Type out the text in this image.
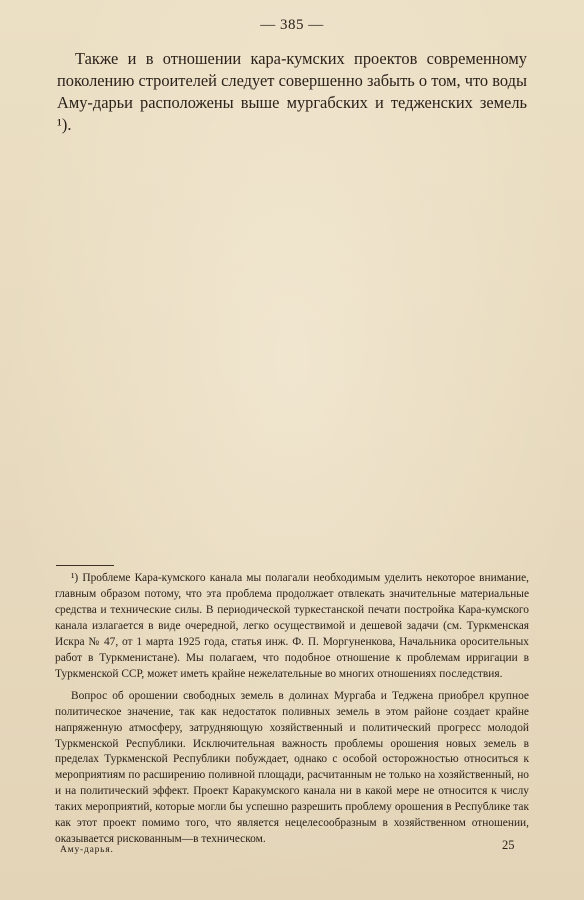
— 385 —

Также и в отношении кара-кумских проектов современному поколению строителей следует совершенно забыть о том, что воды Аму-дарьи расположены выше мургабских и тедженских земель ¹).

¹) Проблеме Кара-кумского канала мы полагали необходимым уделить некоторое внимание, главным образом потому, что эта проблема продолжает отвлекать значительные материальные средства и технические силы. В периодической туркестанской печати постройка Кара-кумского канала излагается в виде очередной, легко осуществимой и дешевой задачи (см. Туркменская Искра № 47, от 1 марта 1925 года, статья инж. Ф. П. Моргуненкова, Начальника оросительных работ в Туркменистане). Мы полагаем, что подобное отношение к проблемам ирригации в Туркменской ССР, может иметь крайне нежелательные во многих отношениях последствия.

Вопрос об орошении свободных земель в долинах Мургаба и Теджена приобрел крупное политическое значение, так как недостаток поливных земель в этом районе создает крайне напряженную атмосферу, затрудняющую хозяйственный и политический прогресс молодой Туркменской Республики. Исключительная важность проблемы орошения новых земель в пределах Туркменской Республики побуждает, однако с особой осторожностью относиться к мероприятиям по расширению поливной площади, расчитанным не только на хозяйственный, но и на политический эффект. Проект Каракумского канала ни в какой мере не относится к числу таких мероприятий, которые могли бы успешно разрешить проблему орошения в Республике так как этот проект помимо того, что является нецелесообразным в хозяйственном отношении, оказывается рискованным—в техническом.

Аму-дарья.	25
